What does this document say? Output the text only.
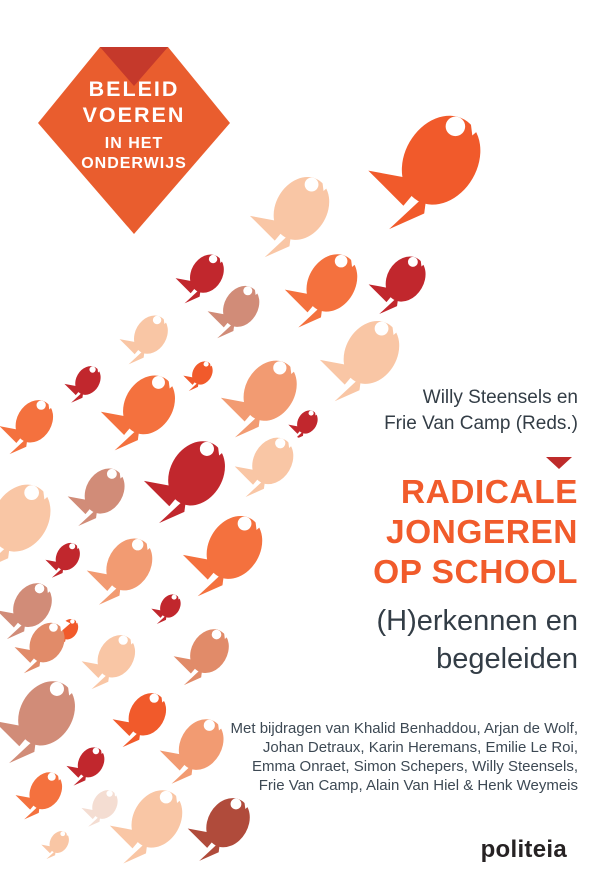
BELEID
VOEREN
IN HET
ONDERWIJS
Willy Steensels en
Frie Van Camp (Reds.)
RADICALE
JONGEREN
OP SCHOOL
(H)erkennen en
begeleiden
Met bijdragen van Khalid Benhaddou, Arjan de Wolf,
Johan Detraux, Karin Heremans, Emilie Le Roi,
Emma Onraet, Simon Schepers, Willy Steensels,
Frie Van Camp, Alain Van Hiel & Henk Weymeis
politeia
